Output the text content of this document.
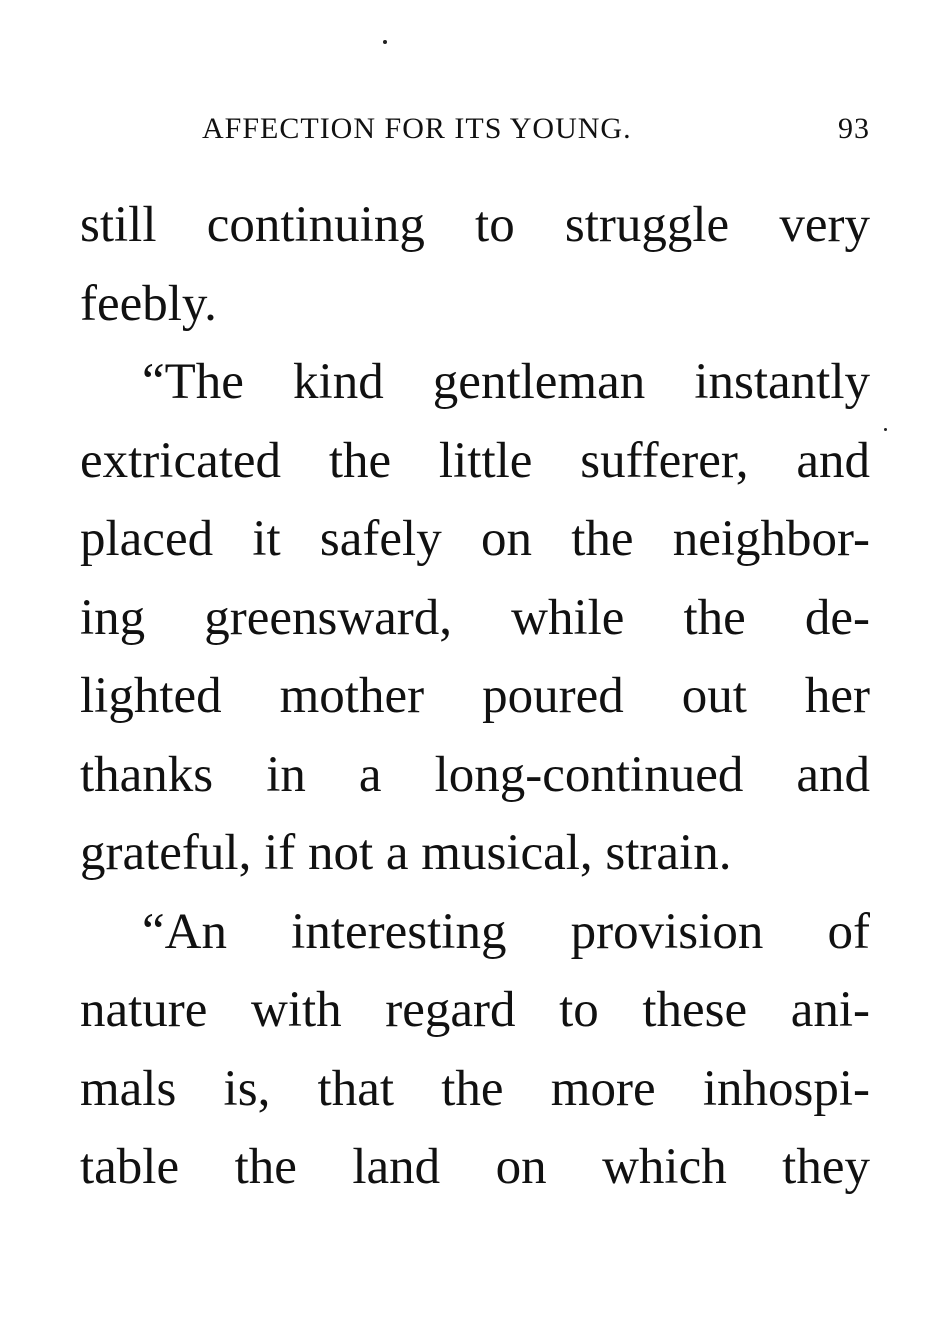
AFFECTION FOR ITS YOUNG.	93
still continuing to struggle very
feebly.
“The kind gentleman instantly
extricated the little sufferer, and
placed it safely on the neighbor-
ing greensward, while the de-
lighted mother poured out her
thanks in a long-continued and
grateful, if not a musical, strain.
“An interesting provision of
nature with regard to these ani-
mals is, that the more inhospi-
table the land on which they
